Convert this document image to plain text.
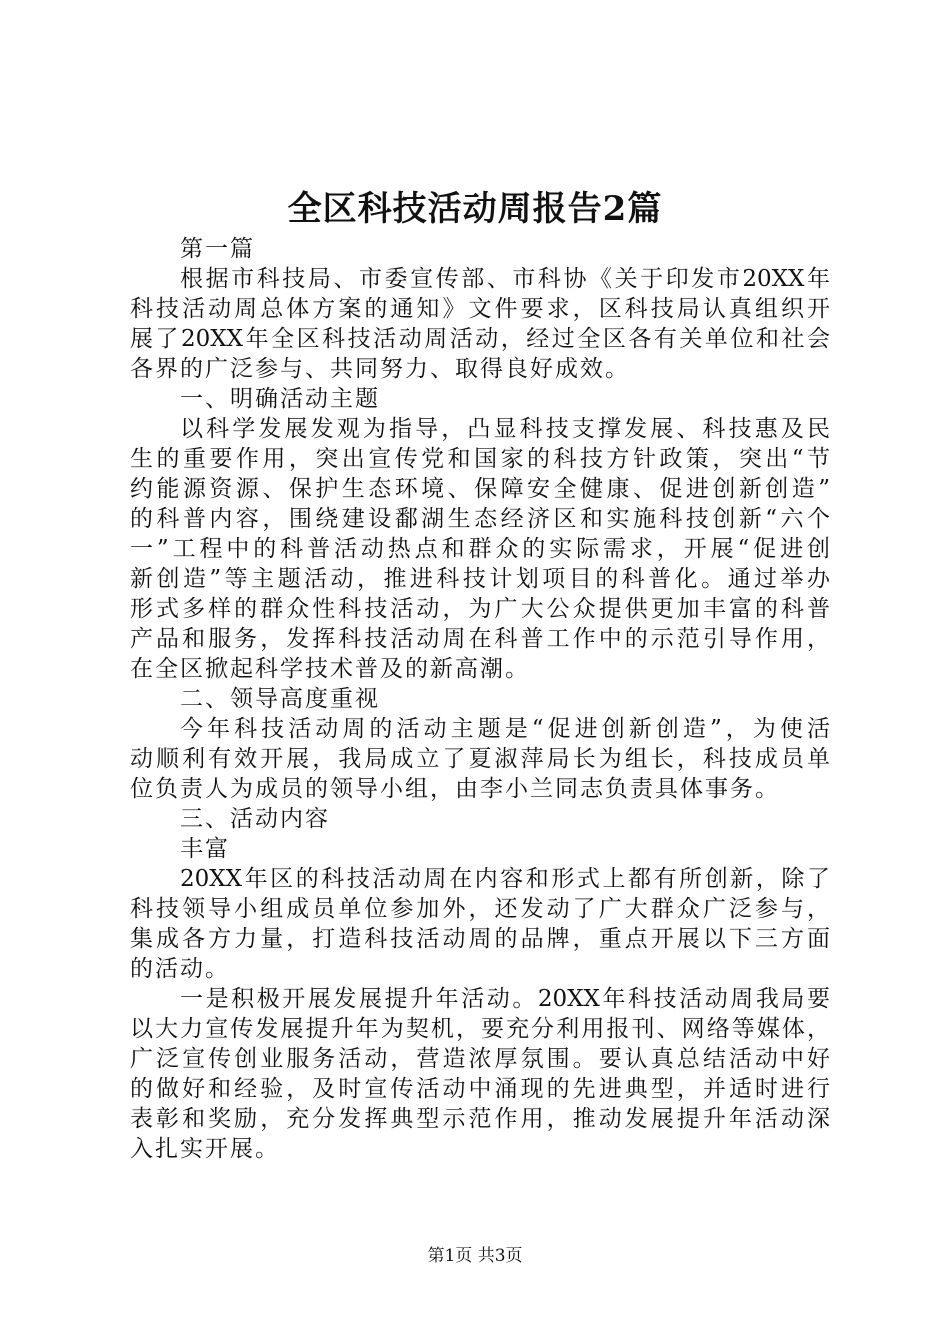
全区科技活动周报告2篇
第一篇
根据市科技局、市委宣传部、市科协《关于印发市20XX年
科技活动周总体方案的通知》文件要求，区科技局认真组织开
展了20XX年全区科技活动周活动，经过全区各有关单位和社会
各界的广泛参与、共同努力、取得良好成效。
一、明确活动主题
以科学发展发观为指导，凸显科技支撑发展、科技惠及民
生的重要作用，突出宣传党和国家的科技方针政策，突出“节
约能源资源、保护生态环境、保障安全健康、促进创新创造”
的科普内容，围绕建设鄱湖生态经济区和实施科技创新“六个
一”工程中的科普活动热点和群众的实际需求，开展“促进创
新创造”等主题活动，推进科技计划项目的科普化。通过举办
形式多样的群众性科技活动，为广大公众提供更加丰富的科普
产品和服务，发挥科技活动周在科普工作中的示范引导作用，
在全区掀起科学技术普及的新高潮。
二、领导高度重视
今年科技活动周的活动主题是“促进创新创造”，为使活
动顺利有效开展，我局成立了夏淑萍局长为组长，科技成员单
位负责人为成员的领导小组，由李小兰同志负责具体事务。
三、活动内容
丰富
20XX年区的科技活动周在内容和形式上都有所创新，除了
科技领导小组成员单位参加外，还发动了广大群众广泛参与，
集成各方力量，打造科技活动周的品牌，重点开展以下三方面
的活动。
一是积极开展发展提升年活动。20XX年科技活动周我局要
以大力宣传发展提升年为契机，要充分利用报刊、网络等媒体，
广泛宣传创业服务活动，营造浓厚氛围。要认真总结活动中好
的做好和经验，及时宣传活动中涌现的先进典型，并适时进行
表彰和奖励，充分发挥典型示范作用，推动发展提升年活动深
入扎实开展。
第1页 共3页
